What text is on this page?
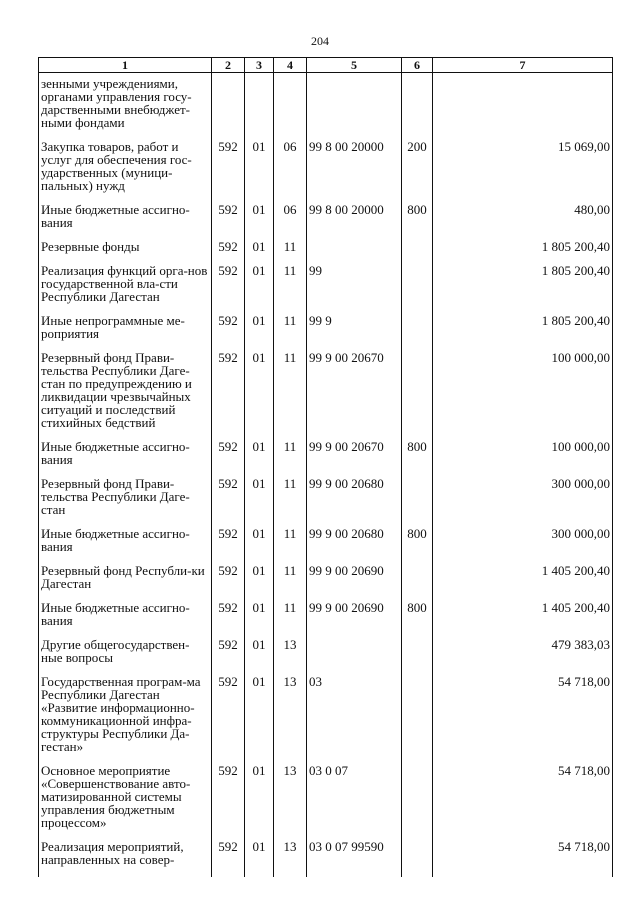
204
1	2	3	4	5	6	7
зенными учреждениями, органами управления госу-дарственными внебюджет-ными фондами						
Закупка товаров, работ и услуг для обеспечения гос-ударственных (муници-пальных) нужд	592	01	06	99 8 00 20000	200	15 069,00
Иные бюджетные ассигно-вания	592	01	06	99 8 00 20000	800	480,00
Резервные фонды	592	01	11			1 805 200,40
Реализация функций орга-нов государственной вла-сти Республики Дагестан	592	01	11	99		1 805 200,40
Иные непрограммные ме-роприятия	592	01	11	99 9		1 805 200,40
Резервный фонд Прави-тельства Республики Даге-стан по предупреждению и ликвидации чрезвычайных ситуаций и последствий стихийных бедствий	592	01	11	99 9 00 20670		100 000,00
Иные бюджетные ассигно-вания	592	01	11	99 9 00 20670	800	100 000,00
Резервный фонд Прави-тельства Республики Даге-стан	592	01	11	99 9 00 20680		300 000,00
Иные бюджетные ассигно-вания	592	01	11	99 9 00 20680	800	300 000,00
Резервный фонд Республи-ки Дагестан	592	01	11	99 9 00 20690		1 405 200,40
Иные бюджетные ассигно-вания	592	01	11	99 9 00 20690	800	1 405 200,40
Другие общегосударствен-ные вопросы	592	01	13			479 383,03
Государственная програм-ма Республики Дагестан «Развитие информационно-коммуникационной инфра-структуры Республики Да-гестан»	592	01	13	03		54 718,00
Основное мероприятие «Совершенствование авто-матизированной системы управления бюджетным процессом»	592	01	13	03 0 07		54 718,00
Реализация мероприятий, направленных на совер-	592	01	13	03 0 07 99590		54 718,00
